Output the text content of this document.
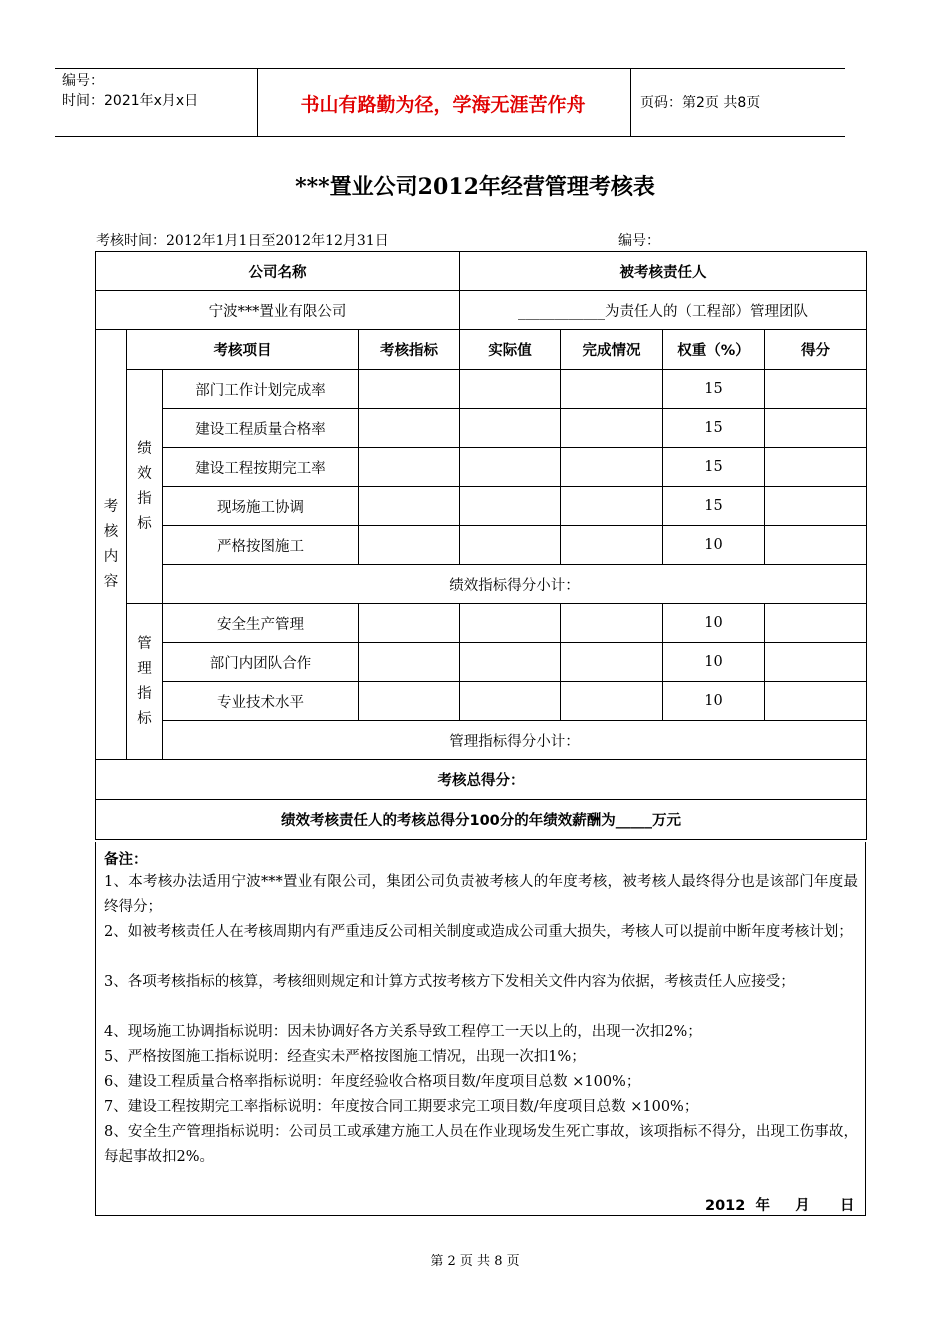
编号：
时间：2021年x月x日	书山有路勤为径，学海无涯苦作舟	页码：第2页 共8页
***置业公司2012年经营管理考核表
考核时间：2012年1月1日至2012年12月31日	编号：
公司名称				被考核责任人			
宁波***置业有限公司				____________为责任人的（工程部）管理团队			

考
核
内
容	考核项目		考核指标	实际值	完成情况	权重（%）	得分

	绩
效
指
标	部门工作计划完成率				15	
		建设工程质量合格率				15	
		建设工程按期完工率				15	
		现场施工协调				15	
		严格按图施工				10	
		绩效指标得分小计：					

	管
理
指
标	安全生产管理				10	
		部门内团队合作				10	
		专业技术水平				10	
		管理指标得分小计：					
考核总得分：							
绩效考核责任人的考核总得分100分的年绩效薪酬为_____万元							
备注：
1、本考核办法适用宁波***置业有限公司，集团公司负责被考核人的年度考核，被考核人最终得分也是该部门年度最终得分；
2、如被考核责任人在考核周期内有严重违反公司相关制度或造成公司重大损失，考核人可以提前中断年度考核计划；
3、各项考核指标的核算，考核细则规定和计算方式按考核方下发相关文件内容为依据，考核责任人应接受；
4、现场施工协调指标说明：因未协调好各方关系导致工程停工一天以上的，出现一次扣2%；
5、严格按图施工指标说明：经查实未严格按图施工情况，出现一次扣1%；
6、建设工程质量合格率指标说明：年度经验收合格项目数/年度项目总数 ×100%；
7、建设工程按期完工率指标说明：年度按合同工期要求完工项目数/年度项目总数 ×100%；
8、安全生产管理指标说明：公司员工或承建方施工人员在作业现场发生死亡事故，该项指标不得分，出现工伤事故，每起事故扣2%。
2012  年     月      日
第 2 页 共 8 页
